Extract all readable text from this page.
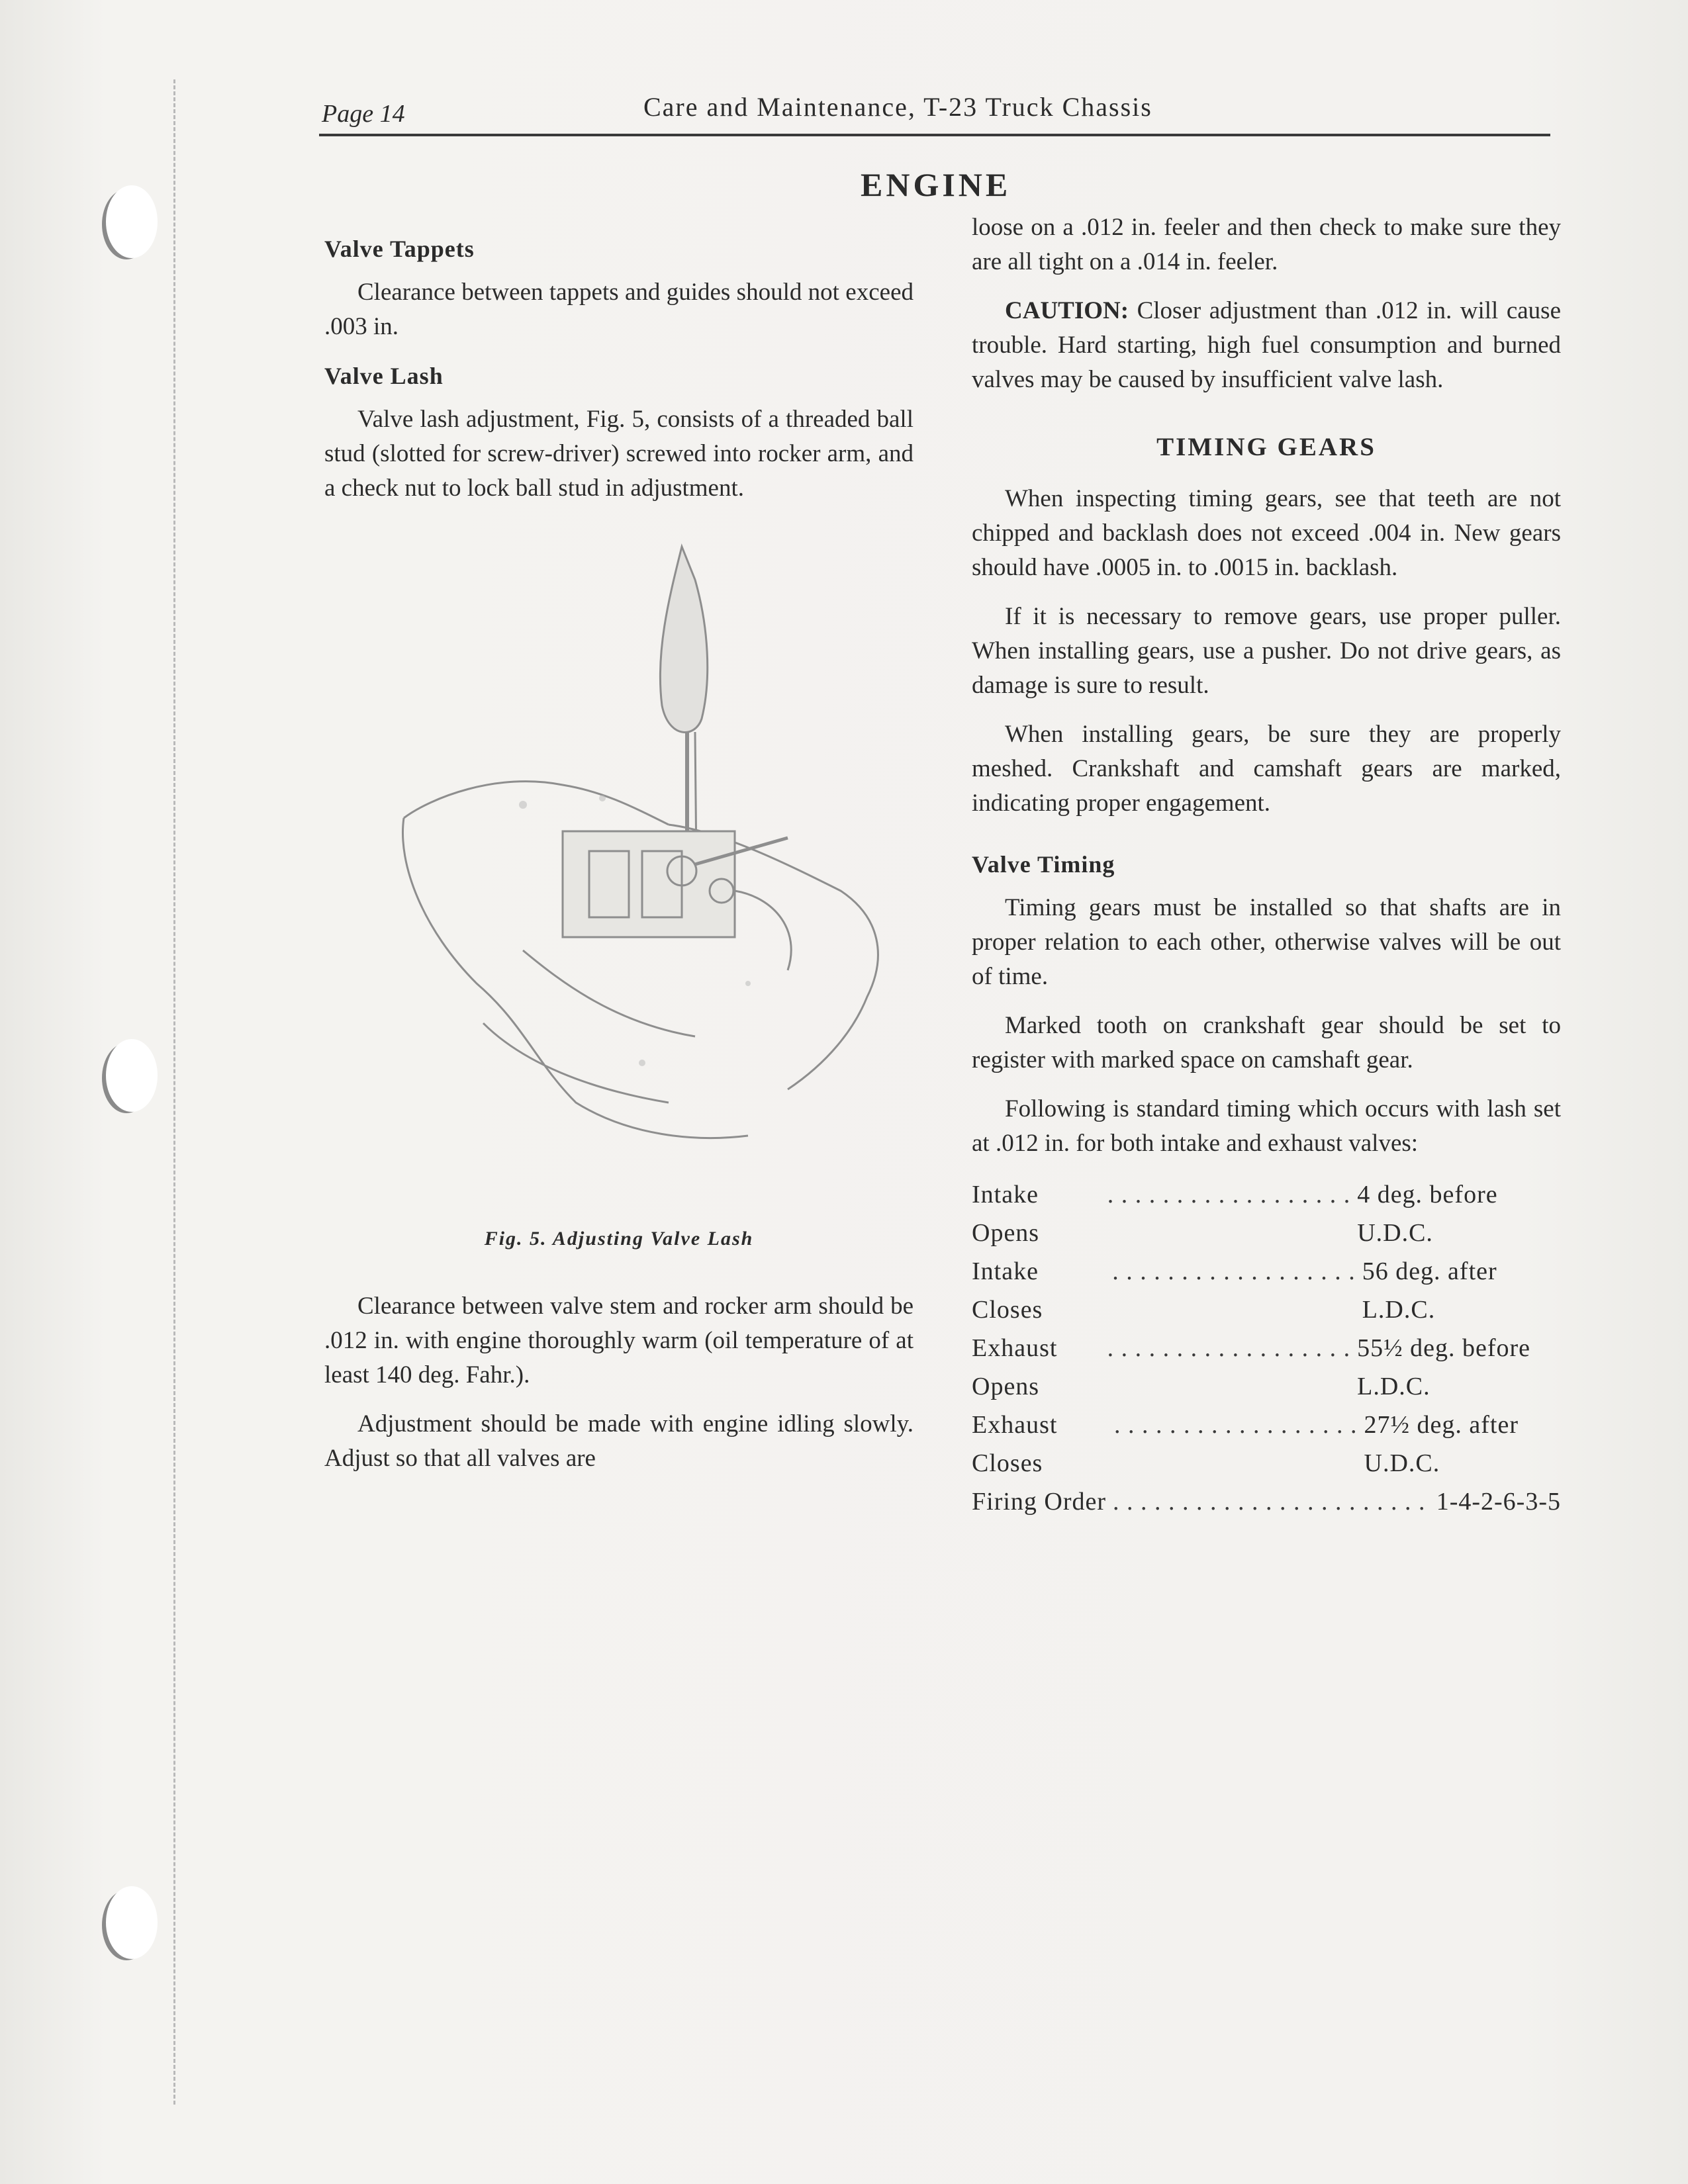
Page 14	Care and Maintenance, T-23 Truck Chassis
ENGINE
Valve Tappets

Clearance between tappets and guides should not exceed .003 in.

Valve Lash

Valve lash adjustment, Fig. 5, consists of a threaded ball stud (slotted for screw-driver) screwed into rocker arm, and a check nut to lock ball stud in adjustment.

Fig. 5. Adjusting Valve Lash

Clearance between valve stem and rocker arm should be .012 in. with engine thoroughly warm (oil temperature of at least 140 deg. Fahr.).

Adjustment should be made with engine idling slowly. Adjust so that all valves are

loose on a .012 in. feeler and then check to make sure they are all tight on a .014 in. feeler.

CAUTION: Closer adjustment than .012 in. will cause trouble. Hard starting, high fuel consumption and burned valves may be caused by insufficient valve lash.

TIMING GEARS

When inspecting timing gears, see that teeth are not chipped and backlash does not exceed .004 in. New gears should have .0005 in. to .0015 in. backlash.

If it is necessary to remove gears, use proper puller. When installing gears, use a pusher. Do not drive gears, as damage is sure to result.

When installing gears, be sure they are properly meshed. Crankshaft and camshaft gears are marked, indicating proper engagement.

Valve Timing

Timing gears must be installed so that shafts are in proper relation to each other, otherwise valves will be out of time.

Marked tooth on crankshaft gear should be set to register with marked space on camshaft gear.

Following is standard timing which occurs with lash set at .012 in. for both intake and exhaust valves:

Intake Opens
. . . . . . . . . . . . . . . . . . 4 deg. before U.D.C.
Intake Closes
. . . . . . . . . . . . . . . . . . 56 deg. after L.D.C.
Exhaust Opens
. . . . . . . . . . . . . . . . . . 55½ deg. before L.D.C.
Exhaust Closes
. . . . . . . . . . . . . . . . . . 27½ deg. after U.D.C.
Firing Order . . . . . . . . . . . . . . . . . . . . . . . 1-4-2-6-3-5
